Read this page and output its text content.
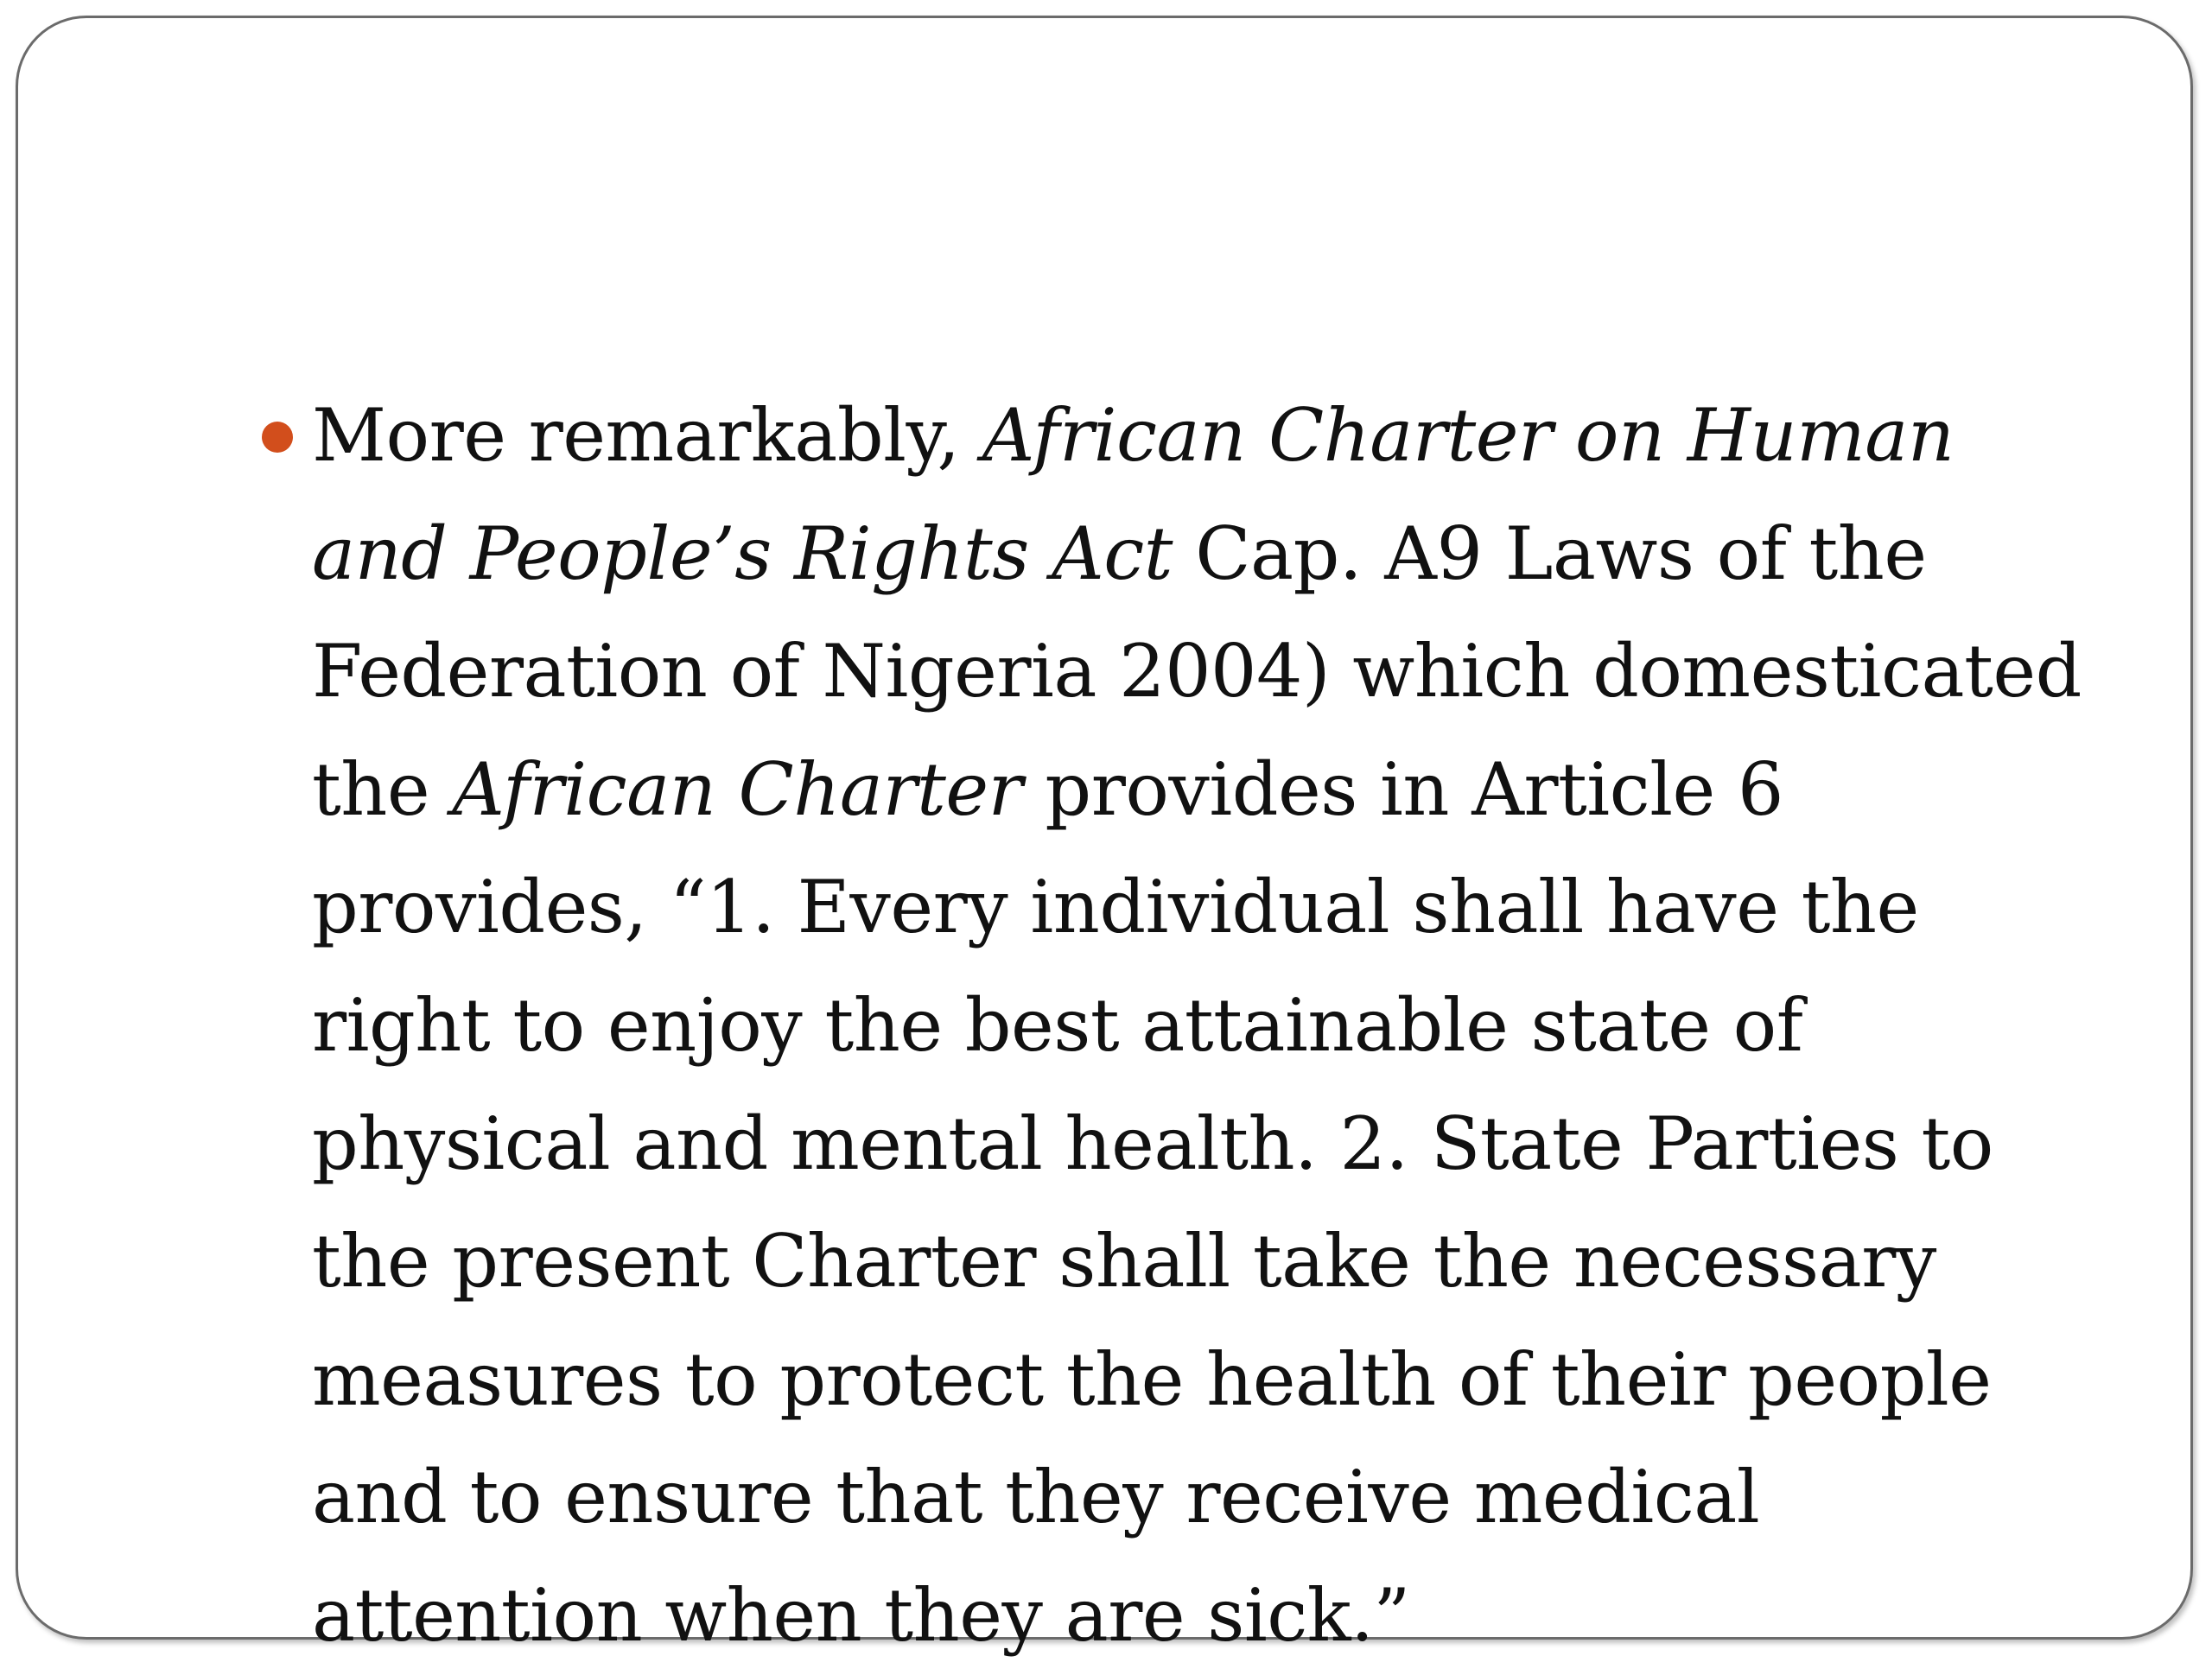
More remarkably, African Charter on Human and People’s Rights Act Cap. A9 Laws of the Federation of Nigeria 2004) which domesticated the African Charter provides in Article 6 provides, “1. Every individual shall have the right to enjoy the best attainable state of physical and mental health. 2. State Parties to the present Charter shall take the necessary measures to protect the health of their people and to ensure that they receive medical attention when they are sick.”
